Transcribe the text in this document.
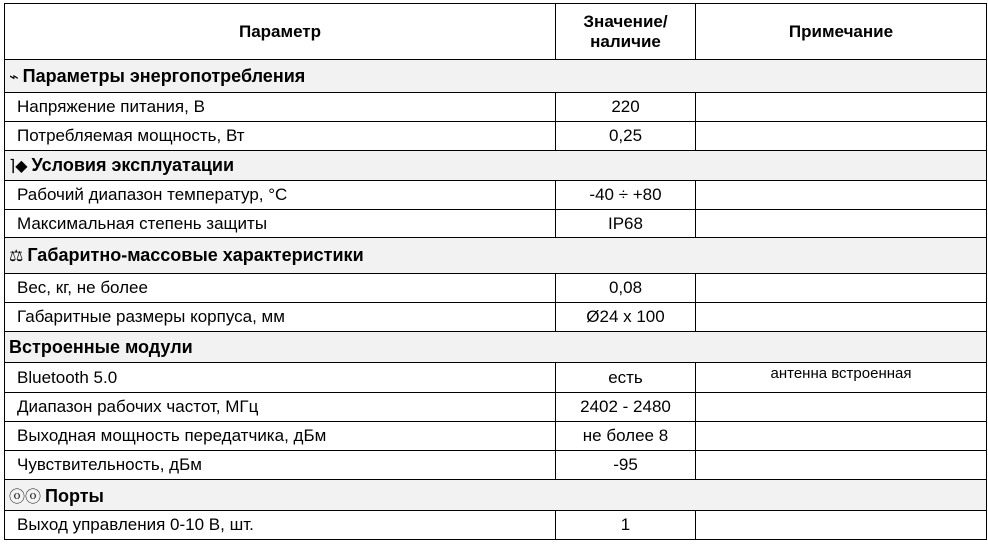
Параметр	Значение/ наличие	Примечание
⌁ Параметры энергопотребления		
Напряжение питания, В	220	
Потребляемая мощность, Вт	0,25	
⌉◆ Условия эксплуатации		
Рабочий диапазон температур, °С	-40 ÷ +80	
Максимальная степень защиты	IP68	
⚖ Габаритно-массовые характеристики		
Вес, кг, не более	0,08	
Габаритные размеры корпуса, мм	Ø24 x 100	
Встроенные модули		
Bluetooth 5.0	есть	антенна встроенная
Диапазон рабочих частот, МГц	2402 - 2480	
Выходная мощность передатчика, дБм	не более 8	
Чувствительность, дБм	-95	
ⓞⓞ Порты		
Выход управления 0-10 В, шт.	1	
